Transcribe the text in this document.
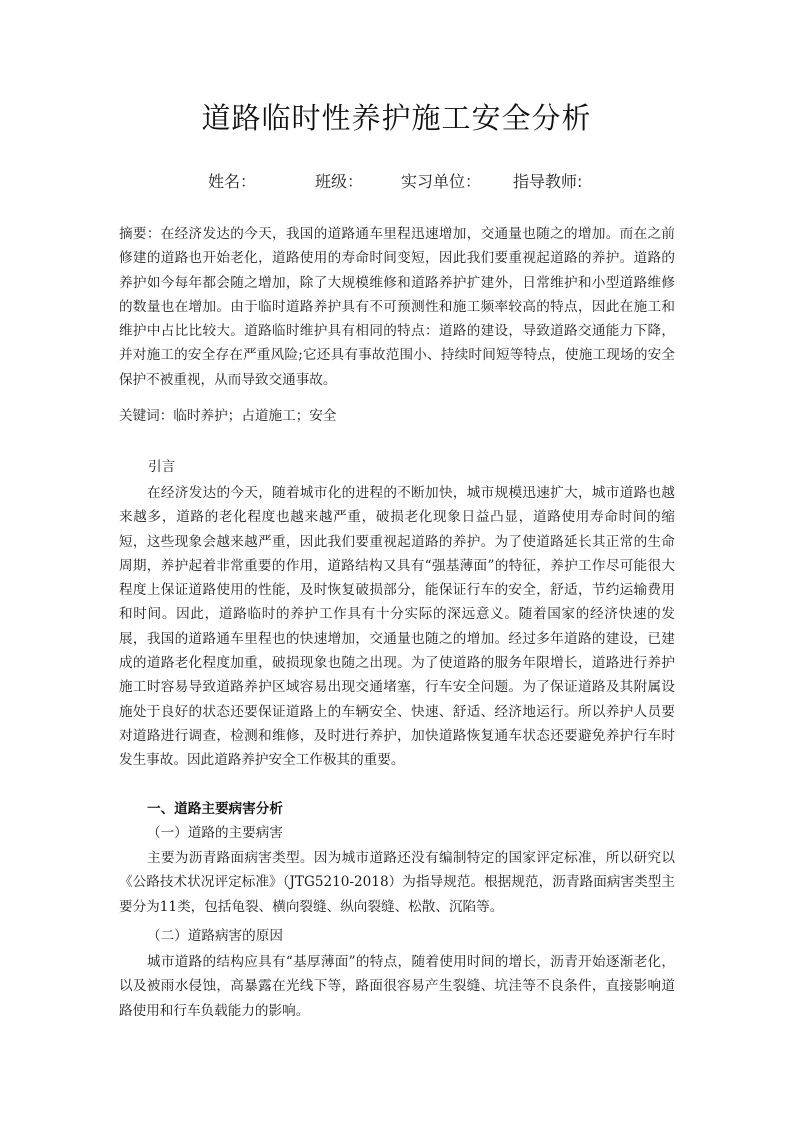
道路临时性养护施工安全分析
姓名：	班级： 实习单位： 指导教师:

摘要：在经济发达的今天，我国的道路通车里程迅速增加，交通量也随之的增加。而在之前修建的道路也开始老化，道路使用的寿命时间变短，因此我们要重视起道路的养护。道路的养护如今每年都会随之增加，除了大规模维修和道路养护扩建外，日常维护和小型道路维修的数量也在增加。由于临时道路养护具有不可预测性和施工频率较高的特点，因此在施工和维护中占比比较大。道路临时维护具有相同的特点：道路的建设，导致道路交通能力下降，并对施工的安全存在严重风险;它还具有事故范围小、持续时间短等特点，使施工现场的安全保护不被重视，从而导致交通事故。

关键词：临时养护；占道施工；安全

引言

在经济发达的今天，随着城市化的进程的不断加快，城市规模迅速扩大，城市道路也越来越多，道路的老化程度也越来越严重，破损老化现象日益凸显，道路使用寿命时间的缩短，这些现象会越来越严重，因此我们要重视起道路的养护。为了使道路延长其正常的生命周期，养护起着非常重要的作用，道路结构又具有“强基薄面”的特征，养护工作尽可能很大程度上保证道路使用的性能，及时恢复破损部分，能保证行车的安全，舒适，节约运输费用和时间。因此，道路临时的养护工作具有十分实际的深远意义。随着国家的经济快速的发展，我国的道路通车里程也的快速增加，交通量也随之的增加。经过多年道路的建设，已建成的道路老化程度加重，破损现象也随之出现。为了使道路的服务年限增长，道路进行养护施工时容易导致道路养护区域容易出现交通堵塞，行车安全问题。为了保证道路及其附属设施处于良好的状态还要保证道路上的车辆安全、快速、舒适、经济地运行。所以养护人员要对道路进行调查，检测和维修，及时进行养护，加快道路恢复通车状态还要避免养护行车时发生事故。因此道路养护安全工作极其的重要。

一、道路主要病害分析
（一）道路的主要病害

主要为沥青路面病害类型。因为城市道路还没有编制特定的国家评定标准，所以研究以《公路技术状况评定标准》（JTG5210-2018）为指导规范。根据规范，沥青路面病害类型主要分为11类，包括龟裂、横向裂缝、纵向裂缝、松散、沉陷等。

（二）道路病害的原因

城市道路的结构应具有“基厚薄面”的特点，随着使用时间的增长，沥青开始逐渐老化，以及被雨水侵蚀，高暴露在光线下等，路面很容易产生裂缝、坑洼等不良条件，直接影响道路使用和行车负载能力的影响。
